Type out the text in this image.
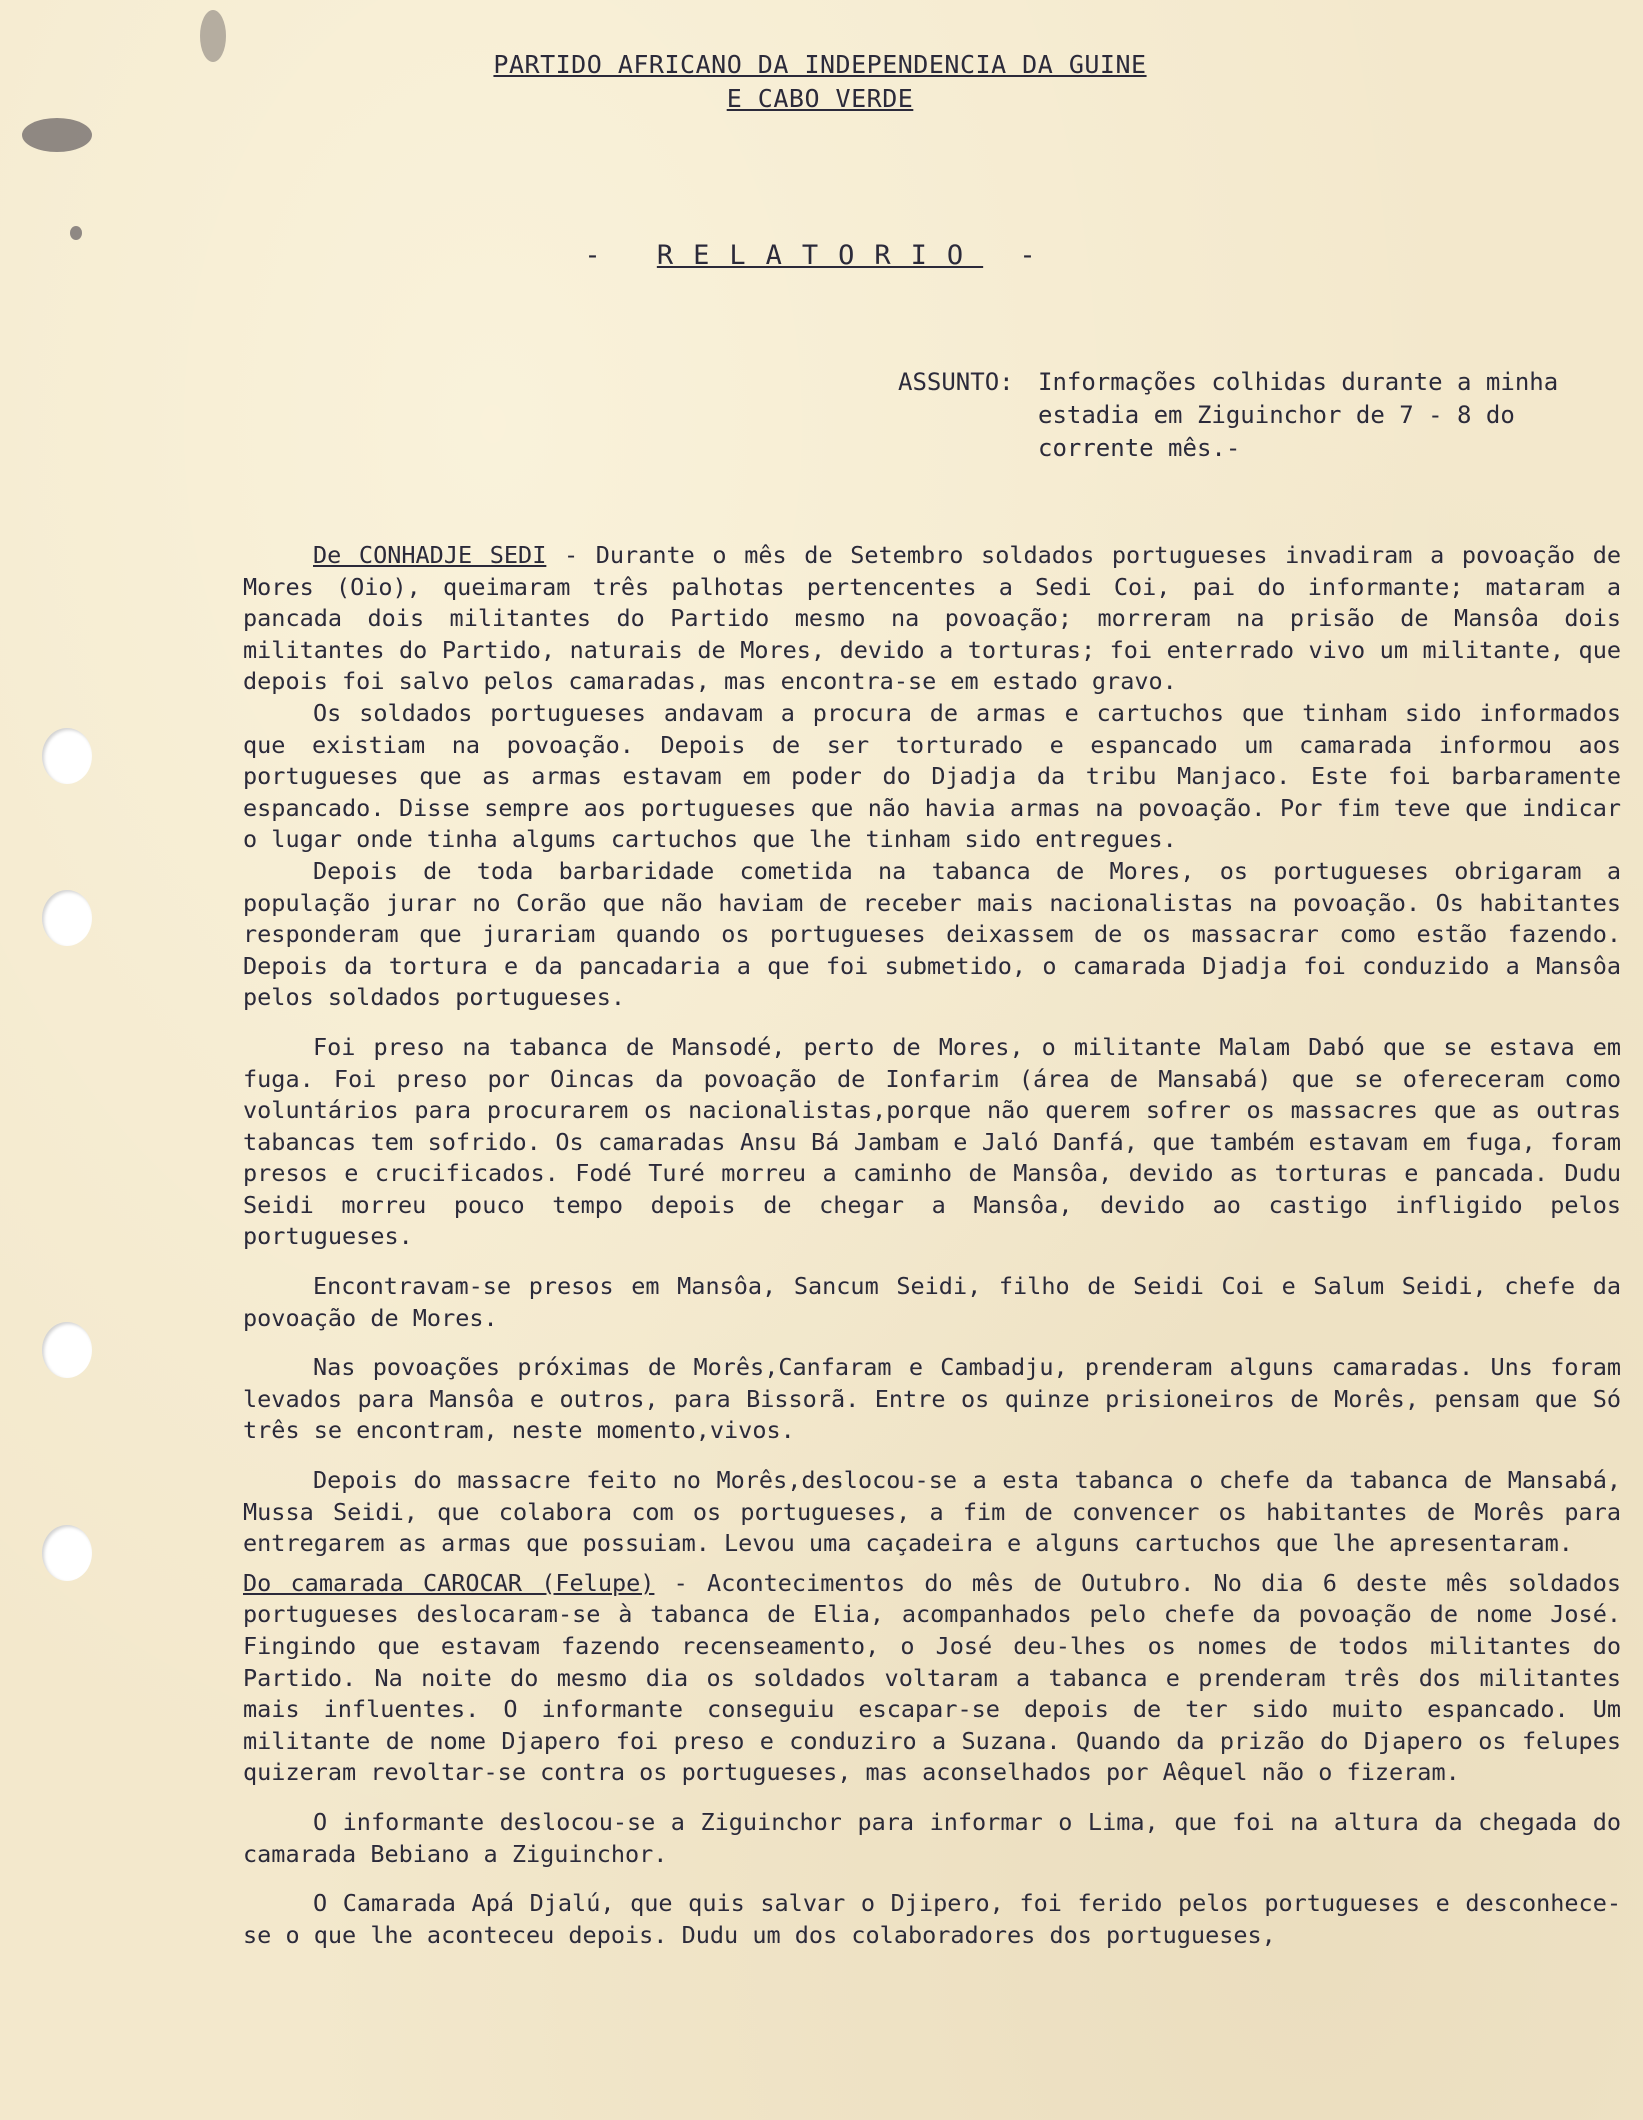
PARTIDO AFRICANO DA INDEPENDENCIA DA GUINE
E CABO VERDE
- RELATORIO -
ASSUNTO: Informações colhidas durante a minha estadia em Ziguinchor de 7 - 8 do corrente mês.-

De CONHADJE SEDI - Durante o mês de Setembro soldados portugueses invadiram a povoação de Mores (Oio), queimaram três palhotas pertencentes a Sedi Coi, pai do informante; mataram a pancada dois militantes do Partido mesmo na povoação; morreram na prisão de Mansôa dois militantes do Partido, naturais de Mores, devido a torturas; foi enterrado vivo um militante, que depois foi salvo pelos camaradas, mas encontra-se em estado gravo.

Os soldados portugueses andavam a procura de armas e cartuchos que tinham sido informados que existiam na povoação. Depois de ser torturado e espancado um camarada informou aos portugueses que as armas estavam em poder do Djadja da tribu Manjaco. Este foi barbaramente espancado. Disse sempre aos portugueses que não havia armas na povoação. Por fim teve que indicar o lugar onde tinha algums cartuchos que lhe tinham sido entregues.

Depois de toda barbaridade cometida na tabanca de Mores, os portugueses obrigaram a população jurar no Corão que não haviam de receber mais nacionalistas na povoação. Os habitantes responderam que jurariam quando os portugueses deixassem de os massacrar como estão fazendo. Depois da tortura e da pancadaria a que foi submetido, o camarada Djadja foi conduzido a Mansôa pelos soldados portugueses.

Foi preso na tabanca de Mansodé, perto de Mores, o militante Malam Dabó que se estava em fuga. Foi preso por Oincas da povoação de Ionfarim (área de Mansabá) que se ofereceram como voluntários para procurarem os nacionalistas,porque não querem sofrer os massacres que as outras tabancas tem sofrido. Os camaradas Ansu Bá Jambam e Jaló Danfá, que também estavam em fuga, foram presos e crucificados. Fodé Turé morreu a caminho de Mansôa, devido as torturas e pancada. Dudu Seidi morreu pouco tempo depois de chegar a Mansôa, devido ao castigo infligido pelos portugueses.

Encontravam-se presos em Mansôa, Sancum Seidi, filho de Seidi Coi e Salum Seidi, chefe da povoação de Mores.

Nas povoações próximas de Morês,Canfaram e Cambadju, prenderam alguns camaradas. Uns foram levados para Mansôa e outros, para Bissorã. Entre os quinze prisioneiros de Morês, pensam que Só três se encontram, neste momento,vivos.

Depois do massacre feito no Morês,deslocou-se a esta tabanca o chefe da tabanca de Mansabá, Mussa Seidi, que colabora com os portugueses, a fim de convencer os habitantes de Morês para entregarem as armas que possuiam. Levou uma caçadeira e alguns cartuchos que lhe apresentaram.

Do camarada CAROCAR (Felupe) - Acontecimentos do mês de Outubro. No dia 6 deste mês soldados portugueses deslocaram-se à tabanca de Elia, acompanhados pelo chefe da povoação de nome José. Fingindo que estavam fazendo recenseamento, o José deu-lhes os nomes de todos militantes do Partido. Na noite do mesmo dia os soldados voltaram a tabanca e prenderam três dos militantes mais influentes. O informante conseguiu escapar-se depois de ter sido muito espancado. Um militante de nome Djapero foi preso e conduziro a Suzana. Quando da prizão do Djapero os felupes quizeram revoltar-se contra os portugueses, mas aconselhados por Aêquel não o fizeram.

O informante deslocou-se a Ziguinchor para informar o Lima, que foi na altura da chegada do camarada Bebiano a Ziguinchor.

O Camarada Apá Djalú, que quis salvar o Djipero, foi ferido pelos portugueses e desconhece-se o que lhe aconteceu depois. Dudu um dos colaboradores dos portugueses,
